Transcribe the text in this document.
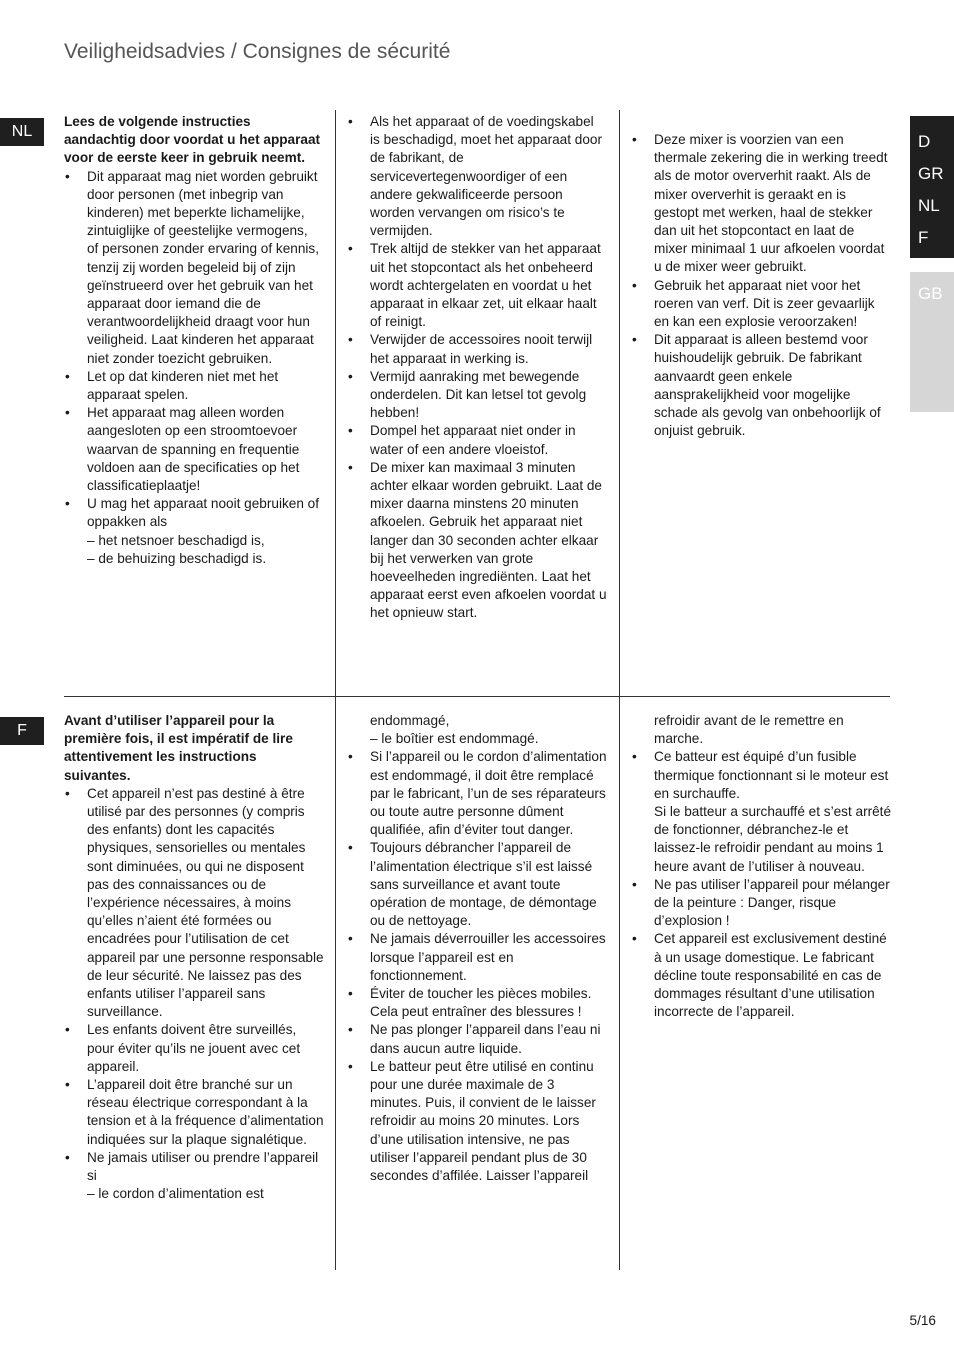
Veiligheidsadvies / Consignes de sécurité
NL
F
D
GR
NL
F
GB

Lees de volgende instructies aandachtig door voordat u het apparaat voor de eerste keer in gebruik neemt.

• Dit apparaat mag niet worden gebruikt door personen (met inbegrip van kinderen) met beperkte lichamelijke, zintuiglijke of geestelijke vermogens, of personen zonder ervaring of kennis, tenzij zij worden begeleid bij of zijn geïnstrueerd over het gebruik van het apparaat door iemand die de verantwoordelijkheid draagt voor hun veiligheid. Laat kinderen het apparaat niet zonder toezicht gebruiken.
• Let op dat kinderen niet met het apparaat spelen.
• Het apparaat mag alleen worden aangesloten op een stroomtoevoer waarvan de spanning en frequentie voldoen aan de specificaties op het classificatieplaatje!
• U mag het apparaat nooit gebruiken of oppakken als
– het netsnoer beschadigd is,
– de behuizing beschadigd is.
• Als het apparaat of de voedingskabel is beschadigd, moet het apparaat door de fabrikant, de servicevertegenwoordiger of een andere gekwalificeerde persoon worden vervangen om risico’s te vermijden.
• Trek altijd de stekker van het apparaat uit het stopcontact als het onbeheerd wordt achtergelaten en voordat u het apparaat in elkaar zet, uit elkaar haalt of reinigt.
• Verwijder de accessoires nooit terwijl het apparaat in werking is.
• Vermijd aanraking met bewegende onderdelen. Dit kan letsel tot gevolg hebben!
• Dompel het apparaat niet onder in water of een andere vloeistof.
• De mixer kan maximaal 3 minuten achter elkaar worden gebruikt. Laat de mixer daarna minstens 20 minuten afkoelen. Gebruik het apparaat niet langer dan 30 seconden achter elkaar bij het verwerken van grote hoeveelheden ingrediënten. Laat het apparaat eerst even afkoelen voordat u het opnieuw start.
• Deze mixer is voorzien van een thermale zekering die in werking treedt als de motor oververhit raakt. Als de mixer oververhit is geraakt en is gestopt met werken, haal de stekker dan uit het stopcontact en laat de mixer minimaal 1 uur afkoelen voordat u de mixer weer gebruikt.
• Gebruik het apparaat niet voor het roeren van verf. Dit is zeer gevaarlijk en kan een explosie veroorzaken!
• Dit apparaat is alleen bestemd voor huishoudelijk gebruik. De fabrikant aanvaardt geen enkele aansprakelijkheid voor mogelijke schade als gevolg van onbehoorlijk of onjuist gebruik.

Avant d’utiliser l’appareil pour la première fois, il est impératif de lire attentivement les instructions suivantes.

• Cet appareil n’est pas destiné à être utilisé par des personnes (y compris des enfants) dont les capacités physiques, sensorielles ou mentales sont diminuées, ou qui ne disposent pas des connaissances ou de l’expérience nécessaires, à moins qu’elles n’aient été formées ou encadrées pour l’utilisation de cet appareil par une personne responsable de leur sécurité. Ne laissez pas des enfants utiliser l’appareil sans surveillance.
• Les enfants doivent être surveillés, pour éviter qu’ils ne jouent avec cet appareil.
• L’appareil doit être branché sur un réseau électrique correspondant à la tension et à la fréquence d’alimentation indiquées sur la plaque signalétique.
• Ne jamais utiliser ou prendre l’appareil si
– le cordon d’alimentation est
endommagé,
– le boîtier est endommagé.
• Si l’appareil ou le cordon d’alimentation est endommagé, il doit être remplacé par le fabricant, l’un de ses réparateurs ou toute autre personne dûment qualifiée, afin d’éviter tout danger.
• Toujours débrancher l’appareil de l’alimentation électrique s’il est laissé sans surveillance et avant toute opération de montage, de démontage ou de nettoyage.
• Ne jamais déverrouiller les accessoires lorsque l’appareil est en fonctionnement.
• Éviter de toucher les pièces mobiles. Cela peut entraîner des blessures !
• Ne pas plonger l’appareil dans l’eau ni dans aucun autre liquide.
• Le batteur peut être utilisé en continu pour une durée maximale de 3 minutes. Puis, il convient de le laisser refroidir au moins 20 minutes. Lors d’une utilisation intensive, ne pas utiliser l’appareil pendant plus de 30 secondes d’affilée. Laisser l’appareil
refroidir avant de le remettre en marche.
• Ce batteur est équipé d’un fusible thermique fonctionnant si le moteur est en surchauffe.
Si le batteur a surchauffé et s’est arrêté de fonctionner, débranchez-le et laissez-le refroidir pendant au moins 1 heure avant de l’utiliser à nouveau.
• Ne pas utiliser l’appareil pour mélanger de la peinture : Danger, risque d’explosion !
• Cet appareil est exclusivement destiné à un usage domestique. Le fabricant décline toute responsabilité en cas de dommages résultant d’une utilisation incorrecte de l’appareil.
5/16
